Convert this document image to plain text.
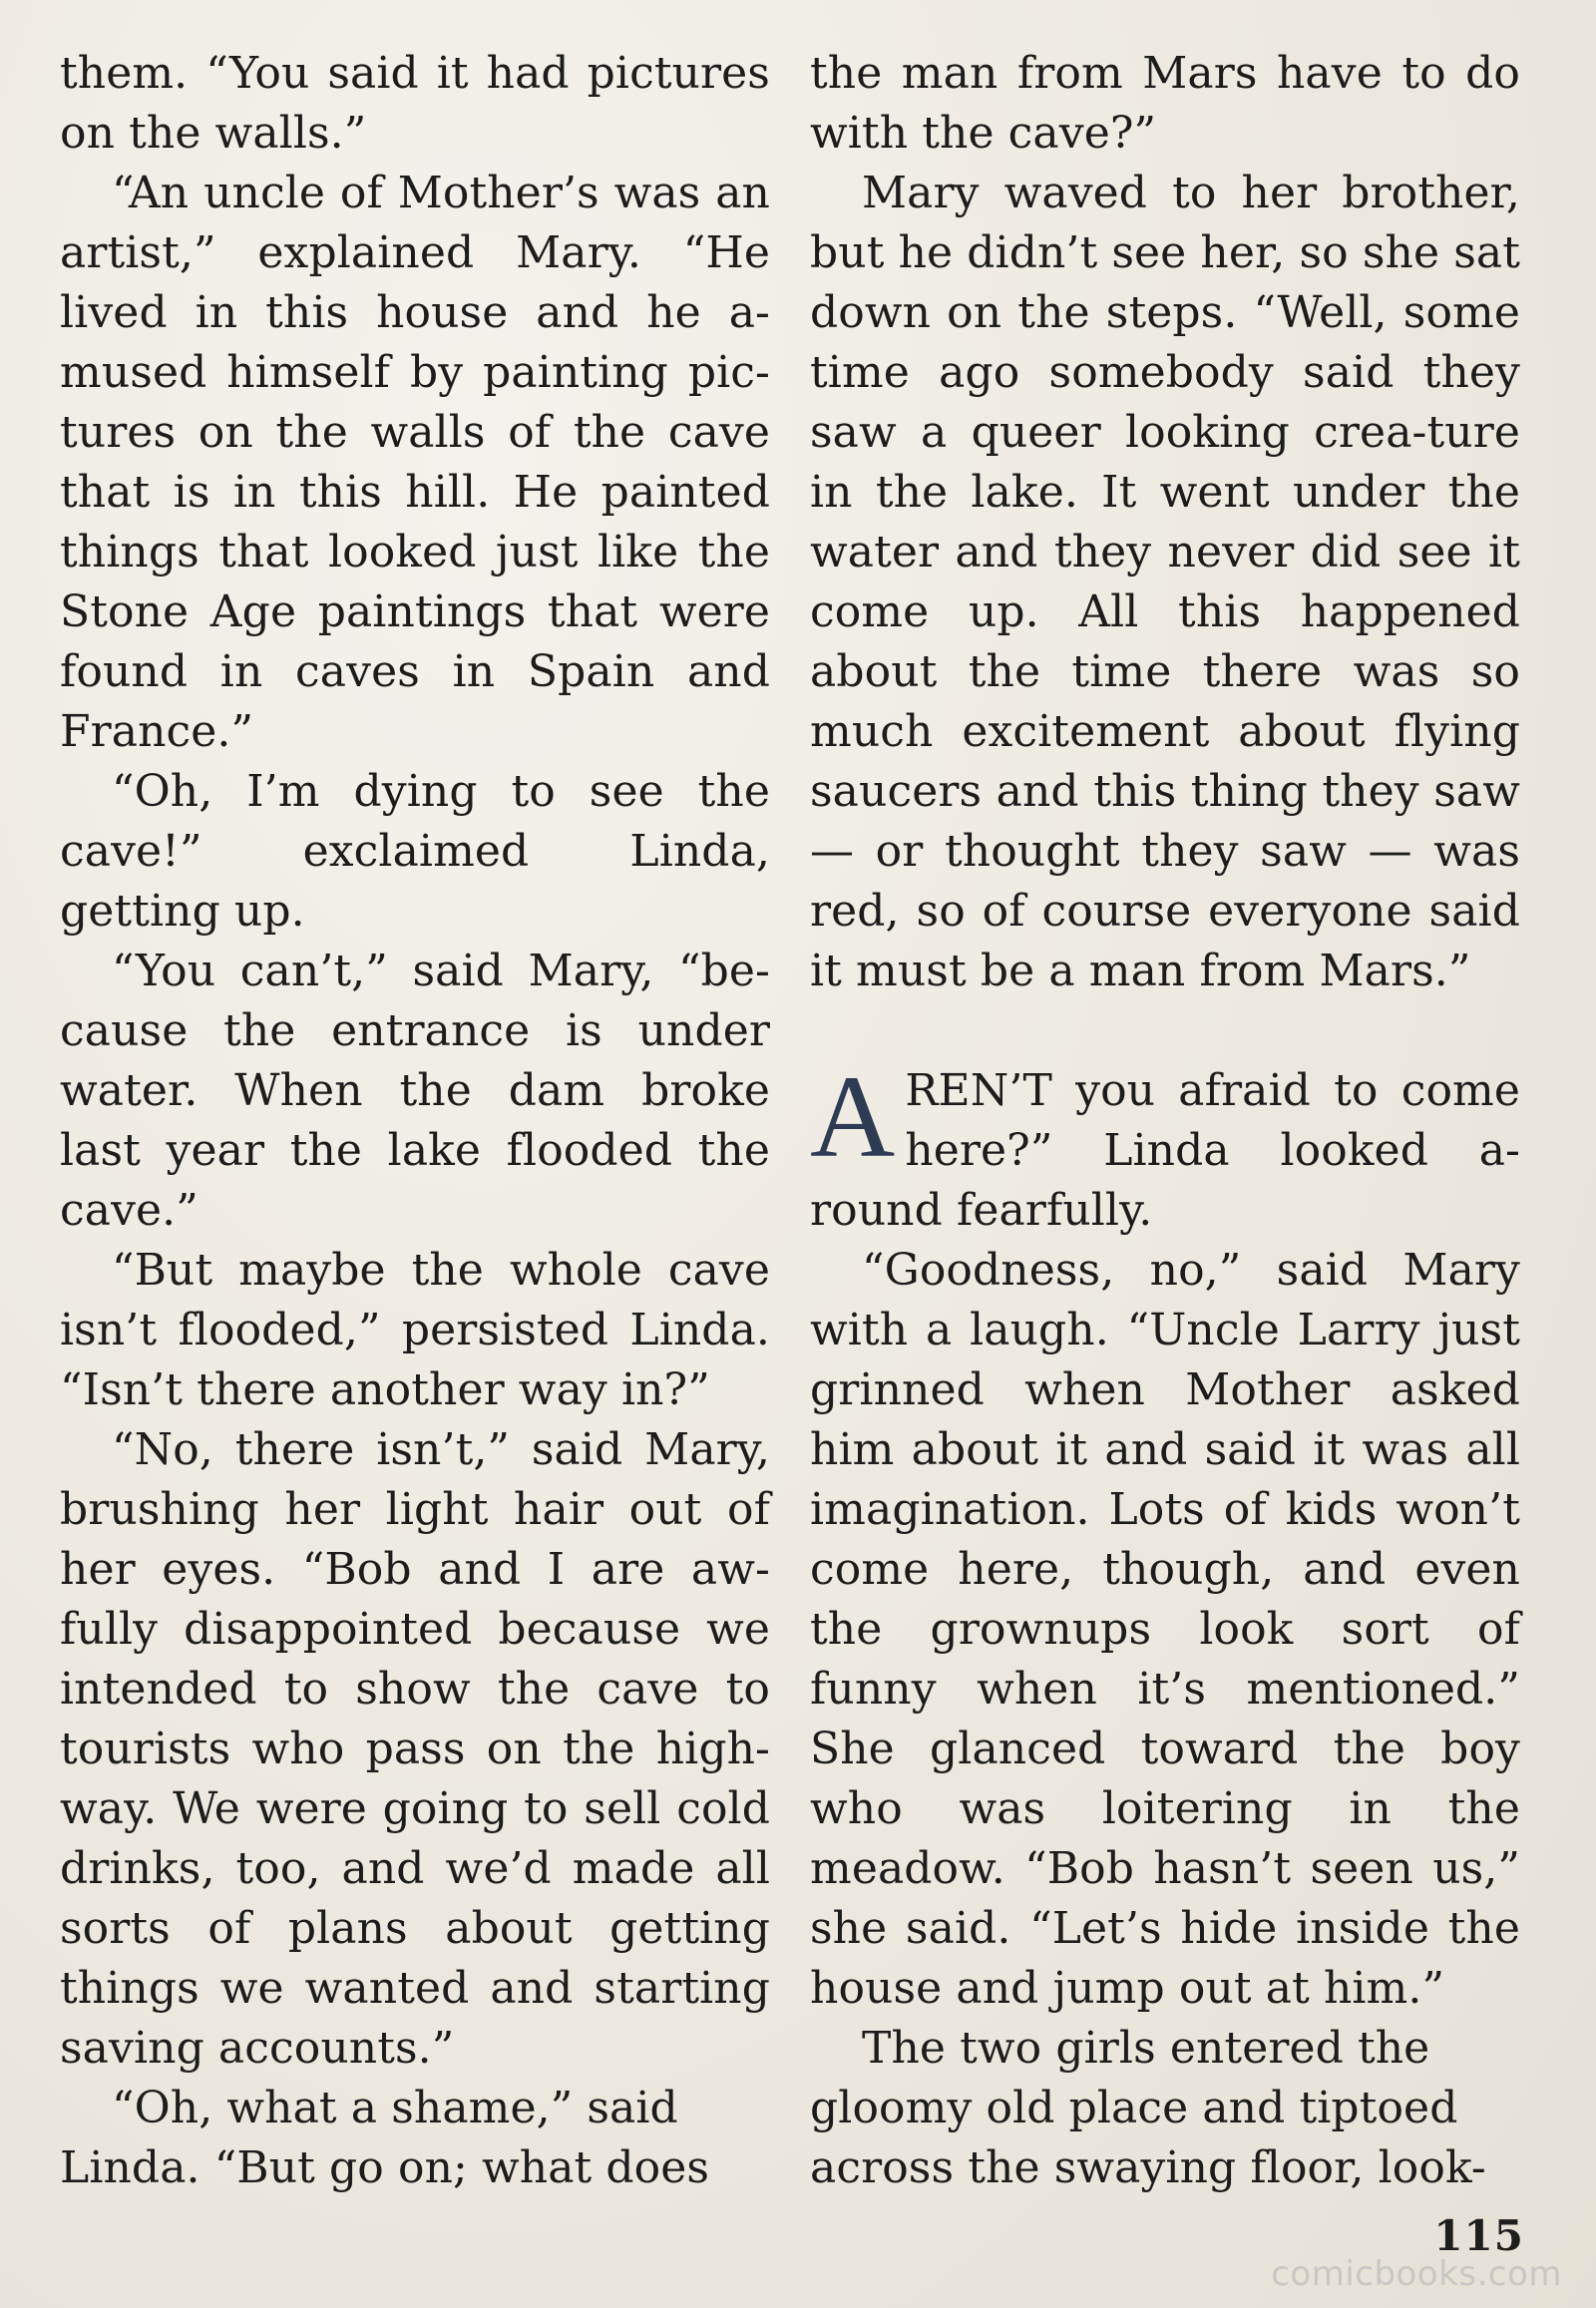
them. “You said it had pictures on the walls.”

“An uncle of Mother’s was an artist,” explained Mary. “He lived in this house and he a-mused himself by painting pic-tures on the walls of the cave that is in this hill. He painted things that looked just like the Stone Age paintings that were found in caves in Spain and France.”

“Oh, I’m dying to see the cave!” exclaimed Linda, getting up.

“You can’t,” said Mary, “be-cause the entrance is under water. When the dam broke last year the lake flooded the cave.”

“But maybe the whole cave isn’t flooded,” persisted Linda. “Isn’t there another way in?”

“No, there isn’t,” said Mary, brushing her light hair out of her eyes. “Bob and I are aw-fully disappointed because we intended to show the cave to tourists who pass on the high-way. We were going to sell cold drinks, too, and we’d made all sorts of plans about getting things we wanted and starting saving accounts.”

“Oh, what a shame,” said Linda. “But go on; what does

the man from Mars have to do with the cave?”

Mary waved to her brother, but he didn’t see her, so she sat down on the steps. “Well, some time ago somebody said they saw a queer looking crea-ture in the lake. It went under the water and they never did see it come up. All this happened about the time there was so much excitement about flying saucers and this thing they saw — or thought they saw — was red, so of course everyone said it must be a man from Mars.”

AREN’T you afraid to come here?” Linda looked a-round fearfully.

“Goodness, no,” said Mary with a laugh. “Uncle Larry just grinned when Mother asked him about it and said it was all imagination. Lots of kids won’t come here, though, and even the grownups look sort of funny when it’s mentioned.” She glanced toward the boy who was loitering in the meadow. “Bob hasn’t seen us,” she said. “Let’s hide inside the house and jump out at him.”

The two girls entered the gloomy old place and tiptoed across the swaying floor, look-

115
comicbooks.com
